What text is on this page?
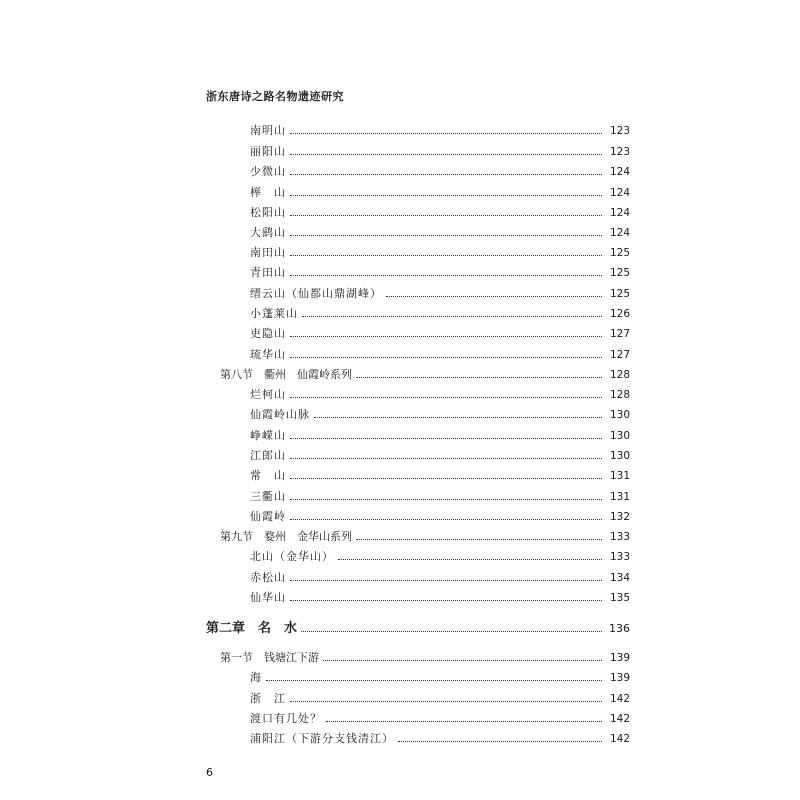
浙东唐诗之路名物遗迹研究
南明山	123
丽阳山	123
少微山	124
榉　山	124
松阳山	124
大鹞山	124
南田山	125
青田山	125
缙云山（仙都山鼎湖峰）	125
小蓬莱山	126
吏隐山	127
琉华山	127
第八节　衢州　仙霞岭系列	128
烂柯山	128
仙霞岭山脉	130
峥嵘山	130
江郎山	130
常　山	131
三衢山	131
仙霞岭	132
第九节　婺州　金华山系列	133
北山（金华山）	133
赤松山	134
仙华山	135
第二章　名　水	136
第一节　钱塘江下游	139
海	139
浙　江	142
渡口有几处？	142
浦阳江（下游分支钱清江）	142
6
